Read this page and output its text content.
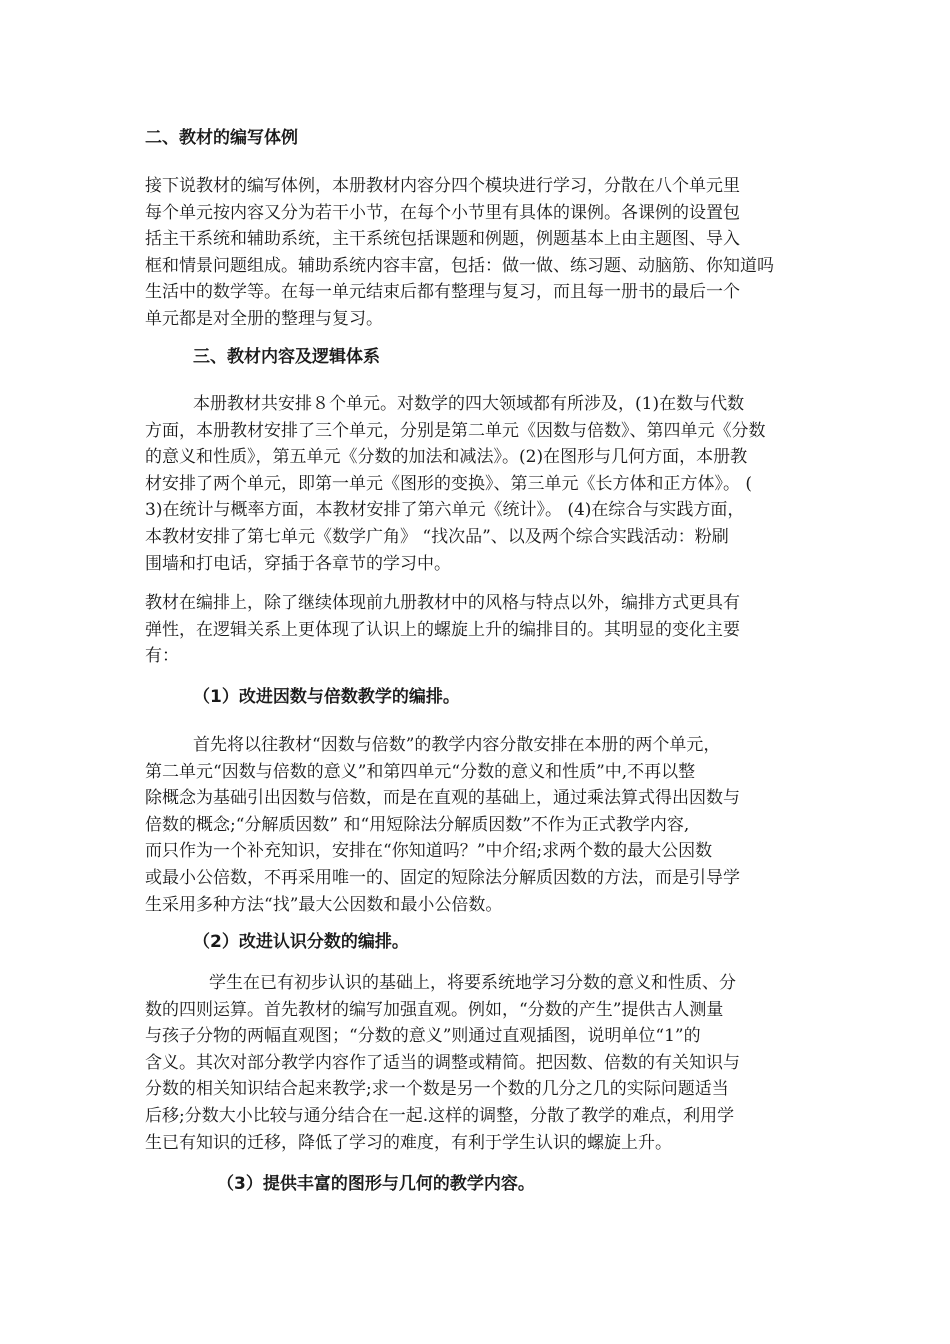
二、教材的编写体例
接下说教材的编写体例，本册教材内容分四个模块进行学习，分散在八个单元里
每个单元按内容又分为若干小节，在每个小节里有具体的课例。各课例的设置包
括主干系统和辅助系统，主干系统包括课题和例题，例题基本上由主题图、导入
框和情景问题组成。辅助系统内容丰富，包括：做一做、练习题、动脑筋、你知道吗
生活中的数学等。在每一单元结束后都有整理与复习，而且每一册书的最后一个
单元都是对全册的整理与复习。
三、教材内容及逻辑体系
本册教材共安排８个单元。对数学的四大领域都有所涉及，(1)在数与代数
方面，本册教材安排了三个单元，分别是第二单元《因数与倍数》、第四单元《分数
的意义和性质》，第五单元《分数的加法和减法》。(2)在图形与几何方面，本册教
材安排了两个单元，即第一单元《图形的变换》、第三单元《长方体和正方体》。 (
3)在统计与概率方面，本教材安排了第六单元《统计》。 (4)在综合与实践方面，
本教材安排了第七单元《数学广角》 “找次品”、以及两个综合实践活动：粉刷
围墙和打电话，穿插于各章节的学习中。
教材在编排上，除了继续体现前九册教材中的风格与特点以外，编排方式更具有
弹性，在逻辑关系上更体现了认识上的螺旋上升的编排目的。其明显的变化主要
有：
（1）改进因数与倍数教学的编排。
首先将以往教材“因数与倍数”的教学内容分散安排在本册的两个单元，
第二单元“因数与倍数的意义”和第四单元“分数的意义和性质”中,不再以整
除概念为基础引出因数与倍数，而是在直观的基础上，通过乘法算式得出因数与
倍数的概念;“分解质因数” 和“用短除法分解质因数”不作为正式教学内容,
而只作为一个补充知识，安排在“你知道吗？”中介绍;求两个数的最大公因数
或最小公倍数，不再采用唯一的、固定的短除法分解质因数的方法，而是引导学
生采用多种方法“找”最大公因数和最小公倍数。
（2）改进认识分数的编排。
学生在已有初步认识的基础上，将要系统地学习分数的意义和性质、分
数的四则运算。首先教材的编写加强直观。例如，“分数的产生”提供古人测量
与孩子分物的两幅直观图；“分数的意义”则通过直观插图，说明单位“1”的
含义。其次对部分教学内容作了适当的调整或精简。把因数、倍数的有关知识与
分数的相关知识结合起来教学;求一个数是另一个数的几分之几的实际问题适当
后移;分数大小比较与通分结合在一起.这样的调整，分散了教学的难点，利用学
生已有知识的迁移，降低了学习的难度，有利于学生认识的螺旋上升。
（3）提供丰富的图形与几何的教学内容。
